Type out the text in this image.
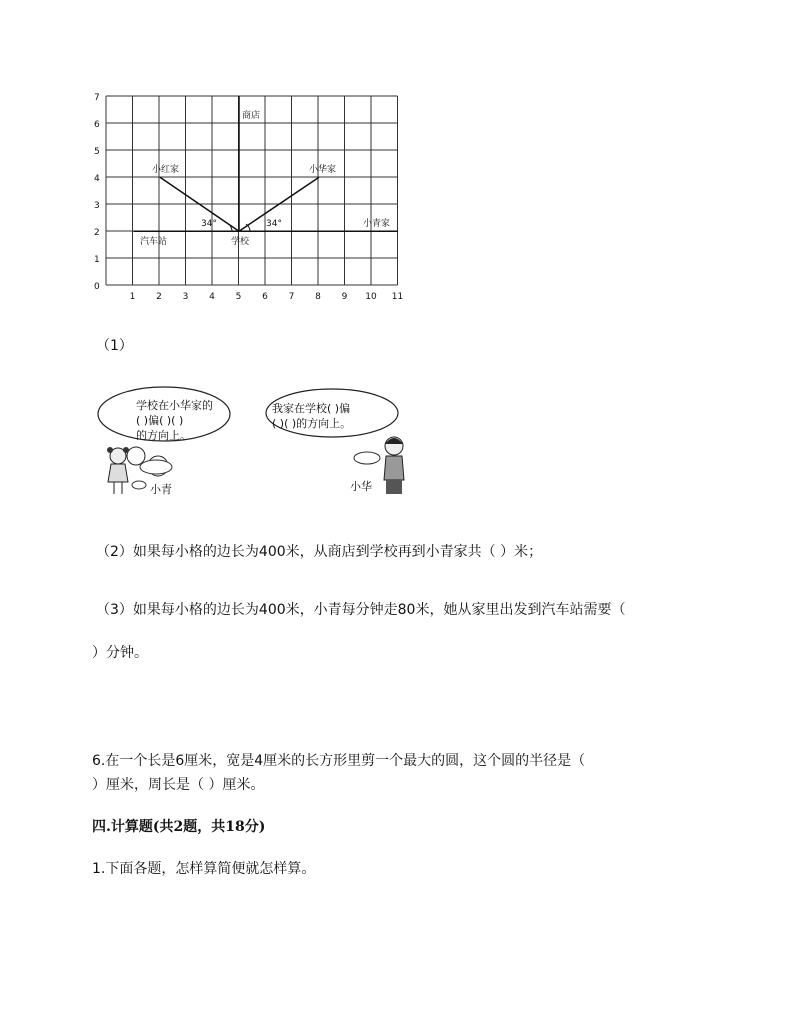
0
1
2
3
4
5
6
7
1 2 3 4 5 6 7 8 9 10 11
商店
小红家	小华家
小青家
汽车站	学校
34°	34°
（1）
学校在小华家的
( )偏( )( )
的方向上。
我家在学校( )偏
( )( )的方向上。
小青	小华
（2）如果每小格的边长为400米，从商店到学校再到小青家共（ ）米；
（3）如果每小格的边长为400米，小青每分钟走80米，她从家里出发到汽车站需要（
）分钟。
6.在一个长是6厘米，宽是4厘米的长方形里剪一个最大的圆，这个圆的半径是（
）厘米，周长是（ ）厘米。
四.计算题(共2题，共18分)
1.下面各题，怎样算简便就怎样算。
